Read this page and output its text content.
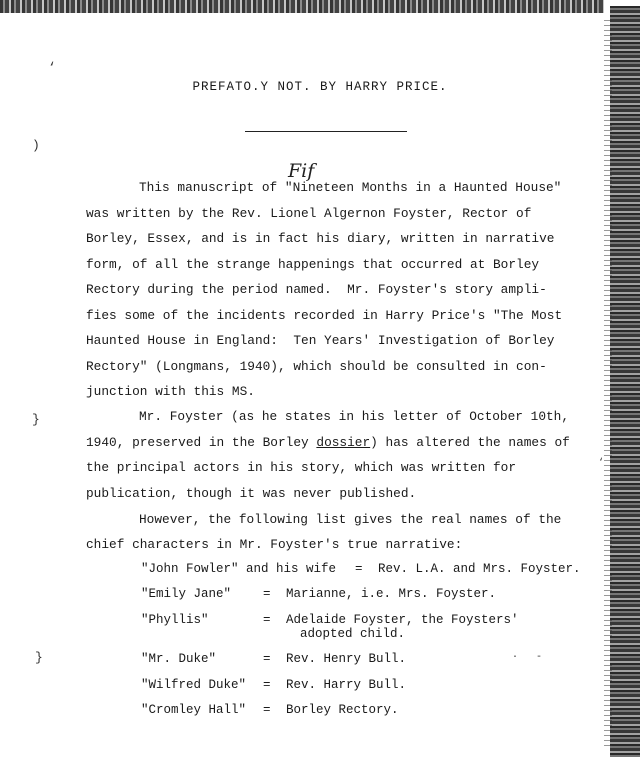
‘
)
}
}
PREFATO.Y NOT. BY HARRY PRICE.
Fif
This manuscript of "Nineteen Months in a Haunted House"
was written by the Rev. Lionel Algernon Foyster, Rector of
Borley, Essex, and is in fact his diary, written in narrative
form, of all the strange happenings that occurred at Borley
Rectory during the period named.  Mr. Foyster's story ampli-
fies some of the incidents recorded in Harry Price's "The Most
Haunted House in England:  Ten Years' Investigation of Borley
Rectory" (Longmans, 1940), which should be consulted in con-
junction with this MS.
Mr. Foyster (as he states in his letter of October 10th,
1940, preserved in the Borley dossier) has altered the names of
the principal actors in his story, which was written for
publication, though it was never published.
However, the following list gives the real names of the
chief characters in Mr. Foyster's true narrative:
"John Fowler" and his wife = Rev. L.A. and Mrs. Foyster.
"Emily Jane"	= Marianne, i.e. Mrs. Foyster.
"Phyllis"	= Adelaide Foyster, the Foysters'
adopted child.
"Mr. Duke"	= Rev. Henry Bull.
"Wilfred Duke" = Rev. Harry Bull.
"Cromley Hall" = Borley Rectory.
·   -
‘
